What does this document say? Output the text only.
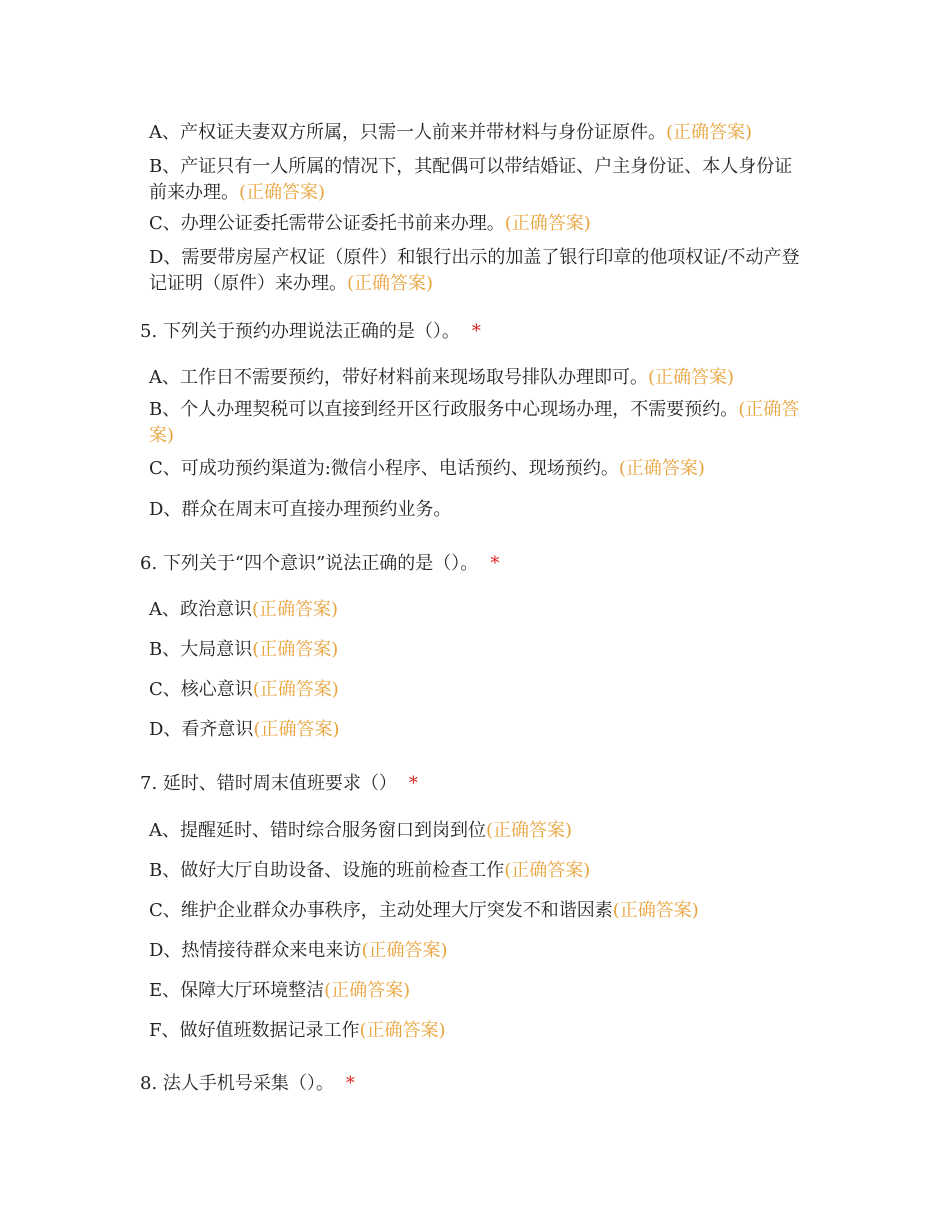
A、产权证夫妻双方所属，只需一人前来并带材料与身份证原件。(正确答案)

B、产证只有一人所属的情况下，其配偶可以带结婚证、户主身份证、本人身份证前来办理。(正确答案)

C、办理公证委托需带公证委托书前来办理。(正确答案)

D、需要带房屋产权证（原件）和银行出示的加盖了银行印章的他项权证/不动产登记证明（原件）来办理。(正确答案)

5. 下列关于预约办理说法正确的是（）。 *

A、工作日不需要预约，带好材料前来现场取号排队办理即可。(正确答案)

B、个人办理契税可以直接到经开区行政服务中心现场办理，不需要预约。(正确答案)

C、可成功预约渠道为:微信小程序、电话预约、现场预约。(正确答案)

D、群众在周末可直接办理预约业务。

6. 下列关于“四个意识”说法正确的是（）。 *

A、政治意识(正确答案)

B、大局意识(正确答案)

C、核心意识(正确答案)

D、看齐意识(正确答案)

7. 延时、错时周末值班要求（） *

A、提醒延时、错时综合服务窗口到岗到位(正确答案)

B、做好大厅自助设备、设施的班前检查工作(正确答案)

C、维护企业群众办事秩序，主动处理大厅突发不和谐因素(正确答案)

D、热情接待群众来电来访(正确答案)

E、保障大厅环境整洁(正确答案)

F、做好值班数据记录工作(正确答案)

8. 法人手机号采集（）。 *
